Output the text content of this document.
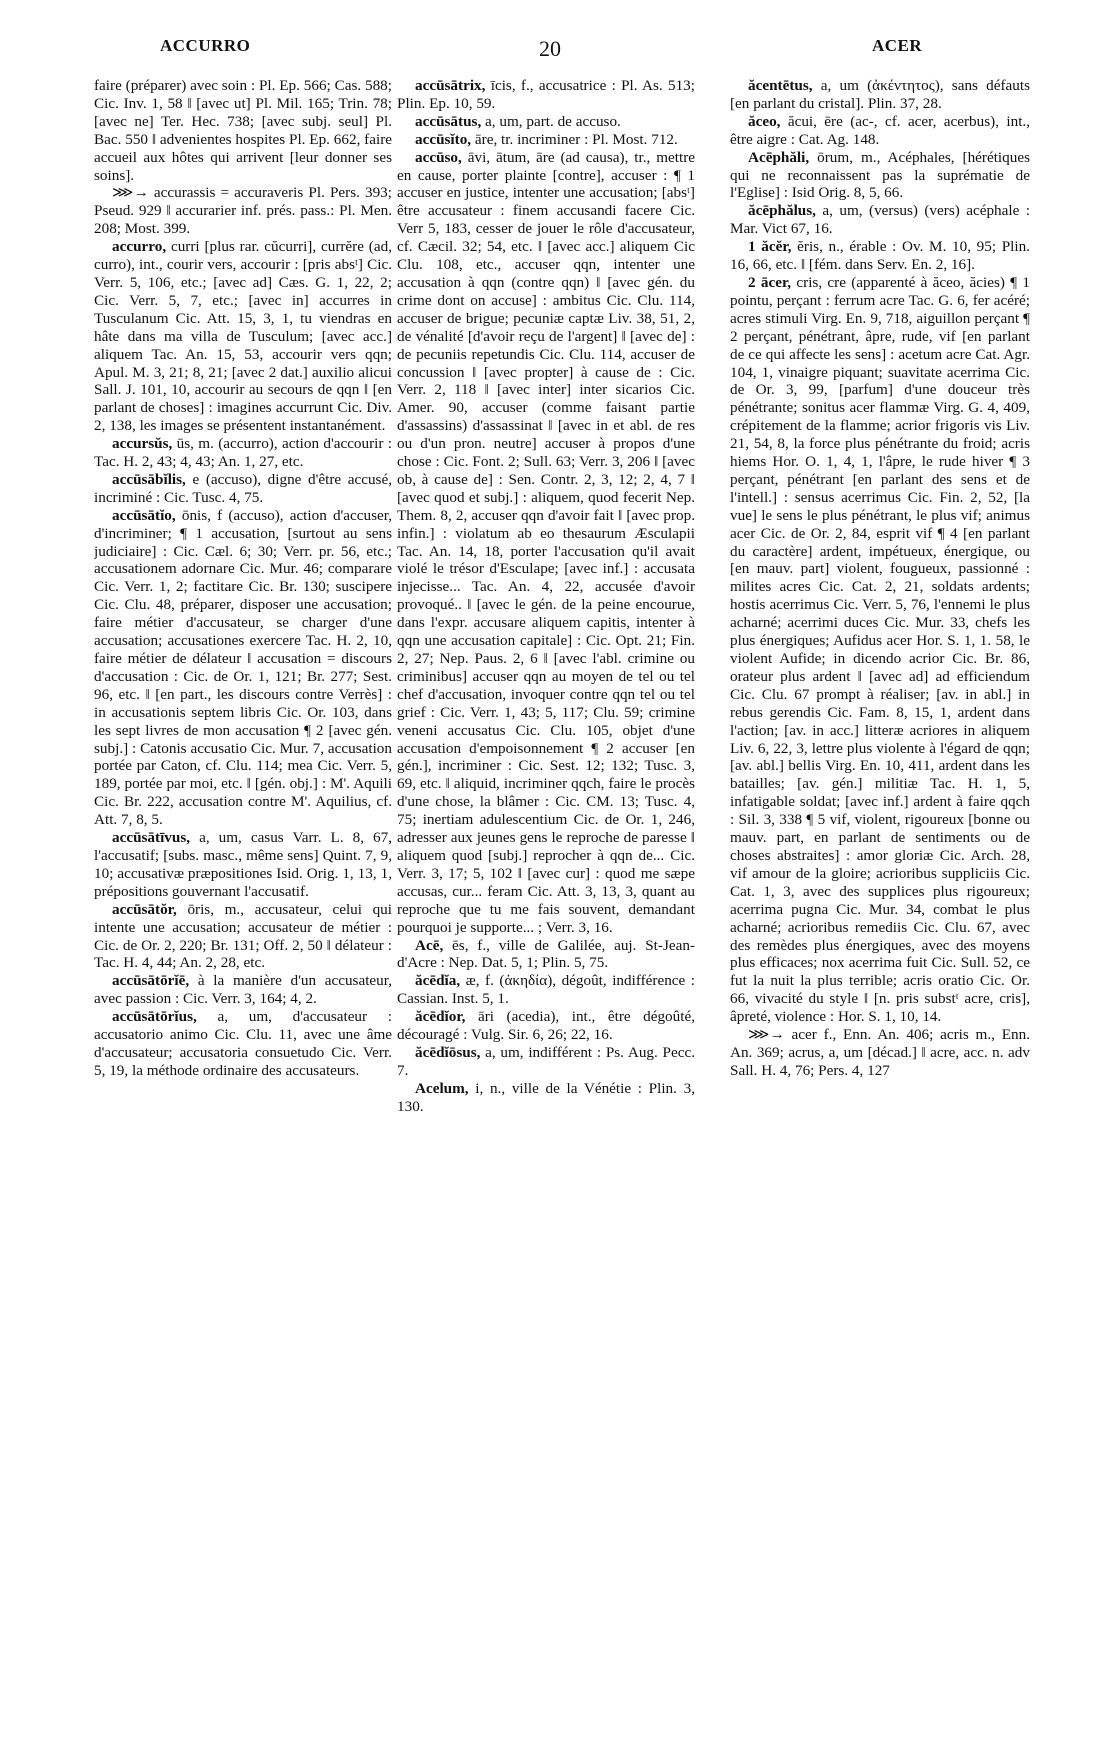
ACCURRO	20	ACER

faire (préparer) avec soin : Pl. Ep. 566; Cas. 588; Cic. Inv. 1, 58 ‖ [avec ut] Pl. Mil. 165; Trin. 78; [avec ne] Ter. Hec. 738; [avec subj. seul] Pl. Bac. 550 ‖ advenientes hospites Pl. Ep. 662, faire accueil aux hôtes qui arrivent [leur donner ses soins].

⋙→ accurassis = accuraveris Pl. Pers. 393; Pseud. 929 ‖ accurarier inf. prés. pass.: Pl. Men. 208; Most. 399.

accurro, curri [plus rar. cŭcurri], currĕre (ad, curro), int., courir vers, accourir : [pris absᵗ] Cic. Verr. 5, 106, etc.; [avec ad] Cæs. G. 1, 22, 2; Cic. Verr. 5, 7, etc.; [avec in] accurres in Tusculanum Cic. Att. 15, 3, 1, tu viendras en hâte dans ma villa de Tusculum; [avec acc.] aliquem Tac. An. 15, 53, accourir vers qqn; Apul. M. 3, 21; 8, 21; [avec 2 dat.] auxilio alicui Sall. J. 101, 10, accourir au secours de qqn ‖ [en parlant de choses] : imagines accurrunt Cic. Div. 2, 138, les images se présentent instantanément.

accursŭs, ūs, m. (accurro), action d'accourir : Tac. H. 2, 43; 4, 43; An. 1, 27, etc.

accūsābĭlis, e (accuso), digne d'être accusé, incriminé : Cic. Tusc. 4, 75.

accūsātĭo, ōnis, f (accuso), action d'accuser, d'incriminer; ¶ 1 accusation, [surtout au sens judiciaire] : Cic. Cæl. 6; 30; Verr. pr. 56, etc.; accusationem adornare Cic. Mur. 46; comparare Cic. Verr. 1, 2; factitare Cic. Br. 130; suscipere Cic. Clu. 48, préparer, disposer une accusation; faire métier d'accusateur, se charger d'une accusation; accusationes exercere Tac. H. 2, 10, faire métier de délateur ‖ accusation = discours d'accusation : Cic. de Or. 1, 121; Br. 277; Sest. 96, etc. ‖ [en part., les discours contre Verrès] : in accusationis septem libris Cic. Or. 103, dans les sept livres de mon accusation ¶ 2 [avec gén. subj.] : Catonis accusatio Cic. Mur. 7, accusation portée par Caton, cf. Clu. 114; mea Cic. Verr. 5, 189, portée par moi, etc. ‖ [gén. obj.] : M'. Aquili Cic. Br. 222, accusation contre M'. Aquilius, cf. Att. 7, 8, 5.

accūsātīvus, a, um, casus Varr. L. 8, 67, l'accusatif; [subs. masc., même sens] Quint. 7, 9, 10; accusativæ præpositiones Isid. Orig. 1, 13, 1, prépositions gouvernant l'accusatif.

accūsātŏr, ōris, m., accusateur, celui qui intente une accusation; accusateur de métier : Cic. de Or. 2, 220; Br. 131; Off. 2, 50 ‖ délateur : Tac. H. 4, 44; An. 2, 28, etc.

accūsātōrĭē, à la manière d'un accusateur, avec passion : Cic. Verr. 3, 164; 4, 2.

accūsātōrĭus, a, um, d'accusateur : accusatorio animo Cic. Clu. 11, avec une âme d'accusateur; accusatoria consuetudo Cic. Verr. 5, 19, la méthode ordinaire des accusateurs.

accūsātrix, īcis, f., accusatrice : Pl. As. 513; Plin. Ep. 10, 59.

accūsātus, a, um, part. de accuso.

accūsĭto, āre, tr. incriminer : Pl. Most. 712.

accūso, āvi, ātum, āre (ad causa), tr., mettre en cause, porter plainte [contre], accuser : ¶ 1 accuser en justice, intenter une accusation; [absᵗ] être accusateur : finem accusandi facere Cic. Verr 5, 183, cesser de jouer le rôle d'accusateur, cf. Cæcil. 32; 54, etc. ‖ [avec acc.] aliquem Cic Clu. 108, etc., accuser qqn, intenter une accusation à qqn (contre qqn) ‖ [avec gén. du crime dont on accuse] : ambitus Cic. Clu. 114, accuser de brigue; pecuniæ captæ Liv. 38, 51, 2, de vénalité [d'avoir reçu de l'argent] ‖ [avec de] : de pecuniis repetundis Cic. Clu. 114, accuser de concussion ‖ [avec propter] à cause de : Cic. Verr. 2, 118 ‖ [avec inter] inter sicarios Cic. Amer. 90, accuser (comme faisant partie d'assassins) d'assassinat ‖ [avec in et abl. de res ou d'un pron. neutre] accuser à propos d'une chose : Cic. Font. 2; Sull. 63; Verr. 3, 206 ‖ [avec ob, à cause de] : Sen. Contr. 2, 3, 12; 2, 4, 7 ‖ [avec quod et subj.] : aliquem, quod fecerit Nep. Them. 8, 2, accuser qqn d'avoir fait ‖ [avec prop. infin.] : violatum ab eo thesaurum Æsculapii Tac. An. 14, 18, porter l'accusation qu'il avait violé le trésor d'Esculape; [avec inf.] : accusata injecisse... Tac. An. 4, 22, accusée d'avoir provoqué.. ‖ [avec le gén. de la peine encourue, dans l'expr. accusare aliquem capitis, intenter à qqn une accusation capitale] : Cic. Opt. 21; Fin. 2, 27; Nep. Paus. 2, 6 ‖ [avec l'abl. crimine ou criminibus] accuser qqn au moyen de tel ou tel chef d'accusation, invoquer contre qqn tel ou tel grief : Cic. Verr. 1, 43; 5, 117; Clu. 59; crimine veneni accusatus Cic. Clu. 105, objet d'une accusation d'empoisonnement ¶ 2 accuser [en gén.], incriminer : Cic. Sest. 12; 132; Tusc. 3, 69, etc. ‖ aliquid, incriminer qqch, faire le procès d'une chose, la blâmer : Cic. CM. 13; Tusc. 4, 75; inertiam adulescentium Cic. de Or. 1, 246, adresser aux jeunes gens le reproche de paresse ‖ aliquem quod [subj.] reprocher à qqn de... Cic. Verr. 3, 17; 5, 102 ‖ [avec cur] : quod me sæpe accusas, cur... feram Cic. Att. 3, 13, 3, quant au reproche que tu me fais souvent, demandant pourquoi je supporte... ; Verr. 3, 16.

Acē, ēs, f., ville de Galilée, auj. St-Jean-d'Acre : Nep. Dat. 5, 1; Plin. 5, 75.

ăcēdĭa, æ, f. (ἀκηδία), dégoût, indifférence : Cassian. Inst. 5, 1.

ăcēdĭor, āri (acedia), int., être dégoûté, découragé : Vulg. Sir. 6, 26; 22, 16.

ăcēdĭōsus, a, um, indifférent : Ps. Aug. Pecc. 7.

Acelum, i, n., ville de la Vénétie : Plin. 3, 130.

ăcentētus, a, um (ἀκέντητος), sans défauts [en parlant du cristal]. Plin. 37, 28.

ăceo, ăcui, ēre (ac-, cf. acer, acerbus), int., être aigre : Cat. Ag. 148.

Acēphăli, ōrum, m., Acéphales, [hérétiques qui ne reconnaissent pas la suprématie de l'Eglise] : Isid Orig. 8, 5, 66.

ăcēphălus, a, um, (versus) (vers) acéphale : Mar. Vict 67, 16.

1 ăcĕr, ĕris, n., érable : Ov. M. 10, 95; Plin. 16, 66, etc. ‖ [fém. dans Serv. En. 2, 16].

2 ācer, cris, cre (apparenté à ăceo, ăcies) ¶ 1 pointu, perçant : ferrum acre Tac. G. 6, fer acéré; acres stimuli Virg. En. 9, 718, aiguillon perçant ¶ 2 perçant, pénétrant, âpre, rude, vif [en parlant de ce qui affecte les sens] : acetum acre Cat. Agr. 104, 1, vinaigre piquant; suavitate acerrima Cic. de Or. 3, 99, [parfum] d'une douceur très pénétrante; sonitus acer flammæ Virg. G. 4, 409, crépitement de la flamme; acrior frigoris vis Liv. 21, 54, 8, la force plus pénétrante du froid; acris hiems Hor. O. 1, 4, 1, l'âpre, le rude hiver ¶ 3 perçant, pénétrant [en parlant des sens et de l'intell.] : sensus acerrimus Cic. Fin. 2, 52, [la vue] le sens le plus pénétrant, le plus vif; animus acer Cic. de Or. 2, 84, esprit vif ¶ 4 [en parlant du caractère] ardent, impétueux, énergique, ou [en mauv. part] violent, fougueux, passionné : milites acres Cic. Cat. 2, 21, soldats ardents; hostis acerrimus Cic. Verr. 5, 76, l'ennemi le plus acharné; acerrimi duces Cic. Mur. 33, chefs les plus énergiques; Aufidus acer Hor. S. 1, 1. 58, le violent Aufide; in dicendo acrior Cic. Br. 86, orateur plus ardent ‖ [avec ad] ad efficiendum Cic. Clu. 67 prompt à réaliser; [av. in abl.] in rebus gerendis Cic. Fam. 8, 15, 1, ardent dans l'action; [av. in acc.] litteræ acriores in aliquem Liv. 6, 22, 3, lettre plus violente à l'égard de qqn; [av. abl.] bellis Virg. En. 10, 411, ardent dans les batailles; [av. gén.] militiæ Tac. H. 1, 5, infatigable soldat; [avec inf.] ardent à faire qqch : Sil. 3, 338 ¶ 5 vif, violent, rigoureux [bonne ou mauv. part, en parlant de sentiments ou de choses abstraites] : amor gloriæ Cic. Arch. 28, vif amour de la gloire; acrioribus suppliciis Cic. Cat. 1, 3, avec des supplices plus rigoureux; acerrima pugna Cic. Mur. 34, combat le plus acharné; acrioribus remediis Cic. Clu. 67, avec des remèdes plus énergiques, avec des moyens plus efficaces; nox acerrima fuit Cic. Sull. 52, ce fut la nuit la plus terrible; acris oratio Cic. Or. 66, vivacité du style ‖ [n. pris substᵗ acre, cris], âpreté, violence : Hor. S. 1, 10, 14.

⋙→ acer f., Enn. An. 406; acris m., Enn. An. 369; acrus, a, um [décad.] ‖ acre, acc. n. adv Sall. H. 4, 76; Pers. 4, 127
